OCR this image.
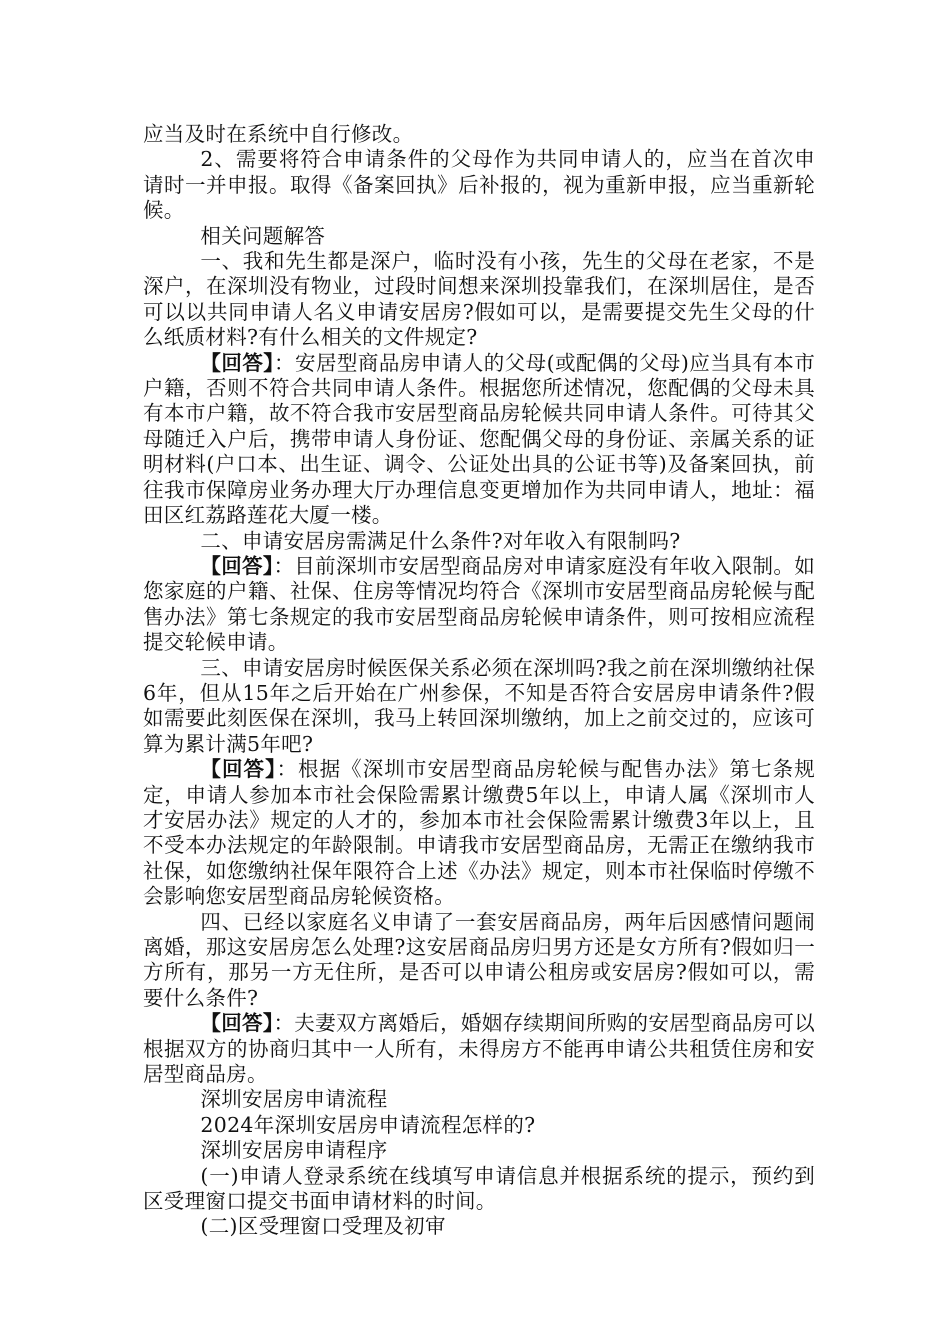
应当及时在系统中自行修改。

2、需要将符合申请条件的父母作为共同申请人的，应当在首次申请时一并申报。取得《备案回执》后补报的，视为重新申报，应当重新轮候。

相关问题解答

一、我和先生都是深户，临时没有小孩，先生的父母在老家，不是深户，在深圳没有物业，过段时间想来深圳投靠我们，在深圳居住，是否可以以共同申请人名义申请安居房?假如可以，是需要提交先生父母的什么纸质材料?有什么相关的文件规定?

【回答】：安居型商品房申请人的父母(或配偶的父母)应当具有本市户籍，否则不符合共同申请人条件。根据您所述情况，您配偶的父母未具有本市户籍，故不符合我市安居型商品房轮候共同申请人条件。可待其父母随迁入户后，携带申请人身份证、您配偶父母的身份证、亲属关系的证明材料(户口本、出生证、调令、公证处出具的公证书等)及备案回执，前往我市保障房业务办理大厅办理信息变更增加作为共同申请人，地址：福田区红荔路莲花大厦一楼。

二、申请安居房需满足什么条件?对年收入有限制吗?

【回答】：目前深圳市安居型商品房对申请家庭没有年收入限制。如您家庭的户籍、社保、住房等情况均符合《深圳市安居型商品房轮候与配售办法》第七条规定的我市安居型商品房轮候申请条件，则可按相应流程提交轮候申请。

三、申请安居房时候医保关系必须在深圳吗?我之前在深圳缴纳社保6年，但从15年之后开始在广州参保，不知是否符合安居房申请条件?假如需要此刻医保在深圳，我马上转回深圳缴纳，加上之前交过的，应该可算为累计满5年吧?

【回答】：根据《深圳市安居型商品房轮候与配售办法》第七条规定，申请人参加本市社会保险需累计缴费5年以上，申请人属《深圳市人才安居办法》规定的人才的，参加本市社会保险需累计缴费3年以上，且不受本办法规定的年龄限制。申请我市安居型商品房，无需正在缴纳我市社保，如您缴纳社保年限符合上述《办法》规定，则本市社保临时停缴不会影响您安居型商品房轮候资格。

四、已经以家庭名义申请了一套安居商品房，两年后因感情问题闹离婚，那这安居房怎么处理?这安居商品房归男方还是女方所有?假如归一方所有，那另一方无住所，是否可以申请公租房或安居房?假如可以，需要什么条件?

【回答】：夫妻双方离婚后，婚姻存续期间所购的安居型商品房可以根据双方的协商归其中一人所有，未得房方不能再申请公共租赁住房和安居型商品房。

深圳安居房申请流程

2024年深圳安居房申请流程怎样的?

深圳安居房申请程序

(一)申请人登录系统在线填写申请信息并根据系统的提示，预约到区受理窗口提交书面申请材料的时间。

(二)区受理窗口受理及初审
